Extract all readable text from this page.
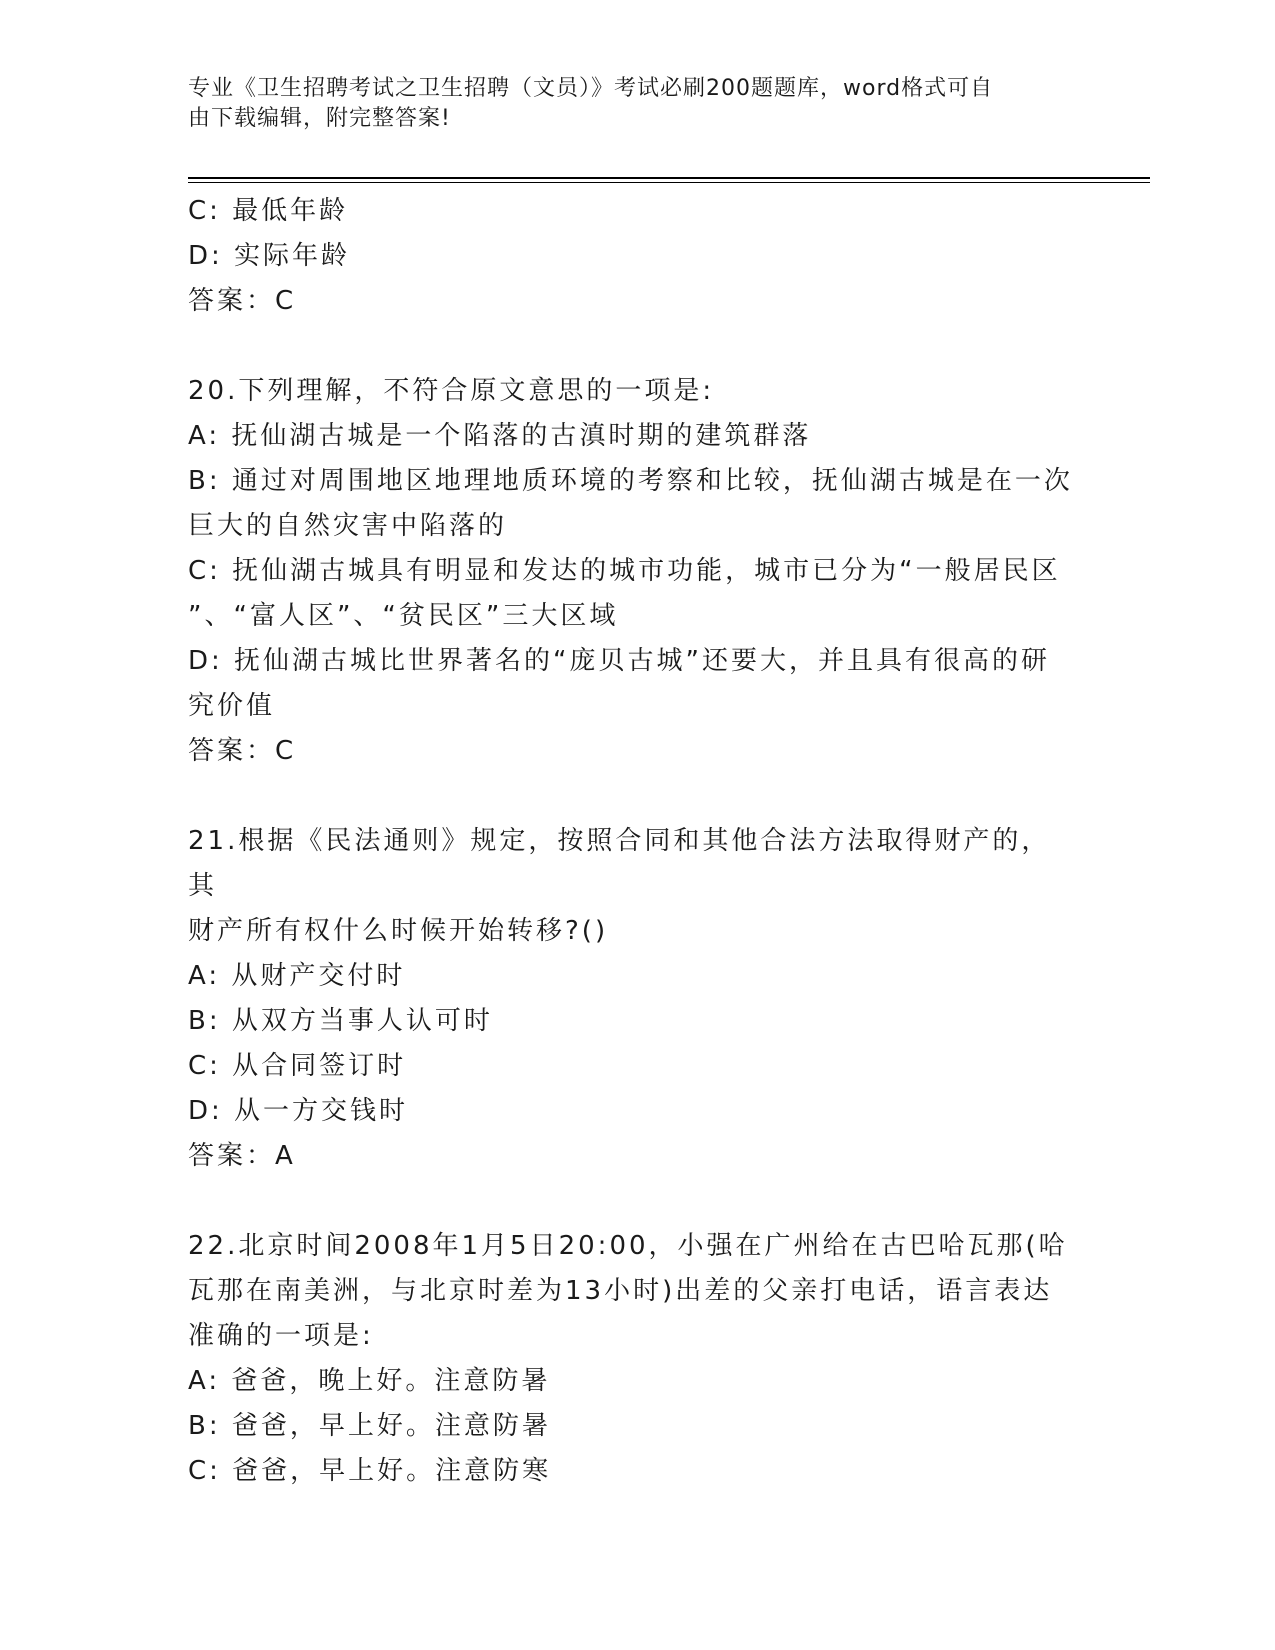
专业《卫生招聘考试之卫生招聘（文员）》考试必刷200题题库，word格式可自
由下载编辑，附完整答案!
C: 最低年龄
D: 实际年龄
答案：C
20.下列理解，不符合原文意思的一项是:
A: 抚仙湖古城是一个陷落的古滇时期的建筑群落
B: 通过对周围地区地理地质环境的考察和比较，抚仙湖古城是在一次
巨大的自然灾害中陷落的
C: 抚仙湖古城具有明显和发达的城市功能，城市已分为“一般居民区
”、“富人区”、“贫民区”三大区域
D: 抚仙湖古城比世界著名的“庞贝古城”还要大，并且具有很高的研
究价值
答案：C
21.根据《民法通则》规定，按照合同和其他合法方法取得财产的，其
财产所有权什么时候开始转移?()
A: 从财产交付时
B: 从双方当事人认可时
C: 从合同签订时
D: 从一方交钱时
答案：A
22.北京时间2008年1月5日20:00，小强在广州给在古巴哈瓦那(哈
瓦那在南美洲，与北京时差为13小时)出差的父亲打电话，语言表达
准确的一项是:
A: 爸爸，晚上好。注意防暑
B: 爸爸，早上好。注意防暑
C: 爸爸，早上好。注意防寒
